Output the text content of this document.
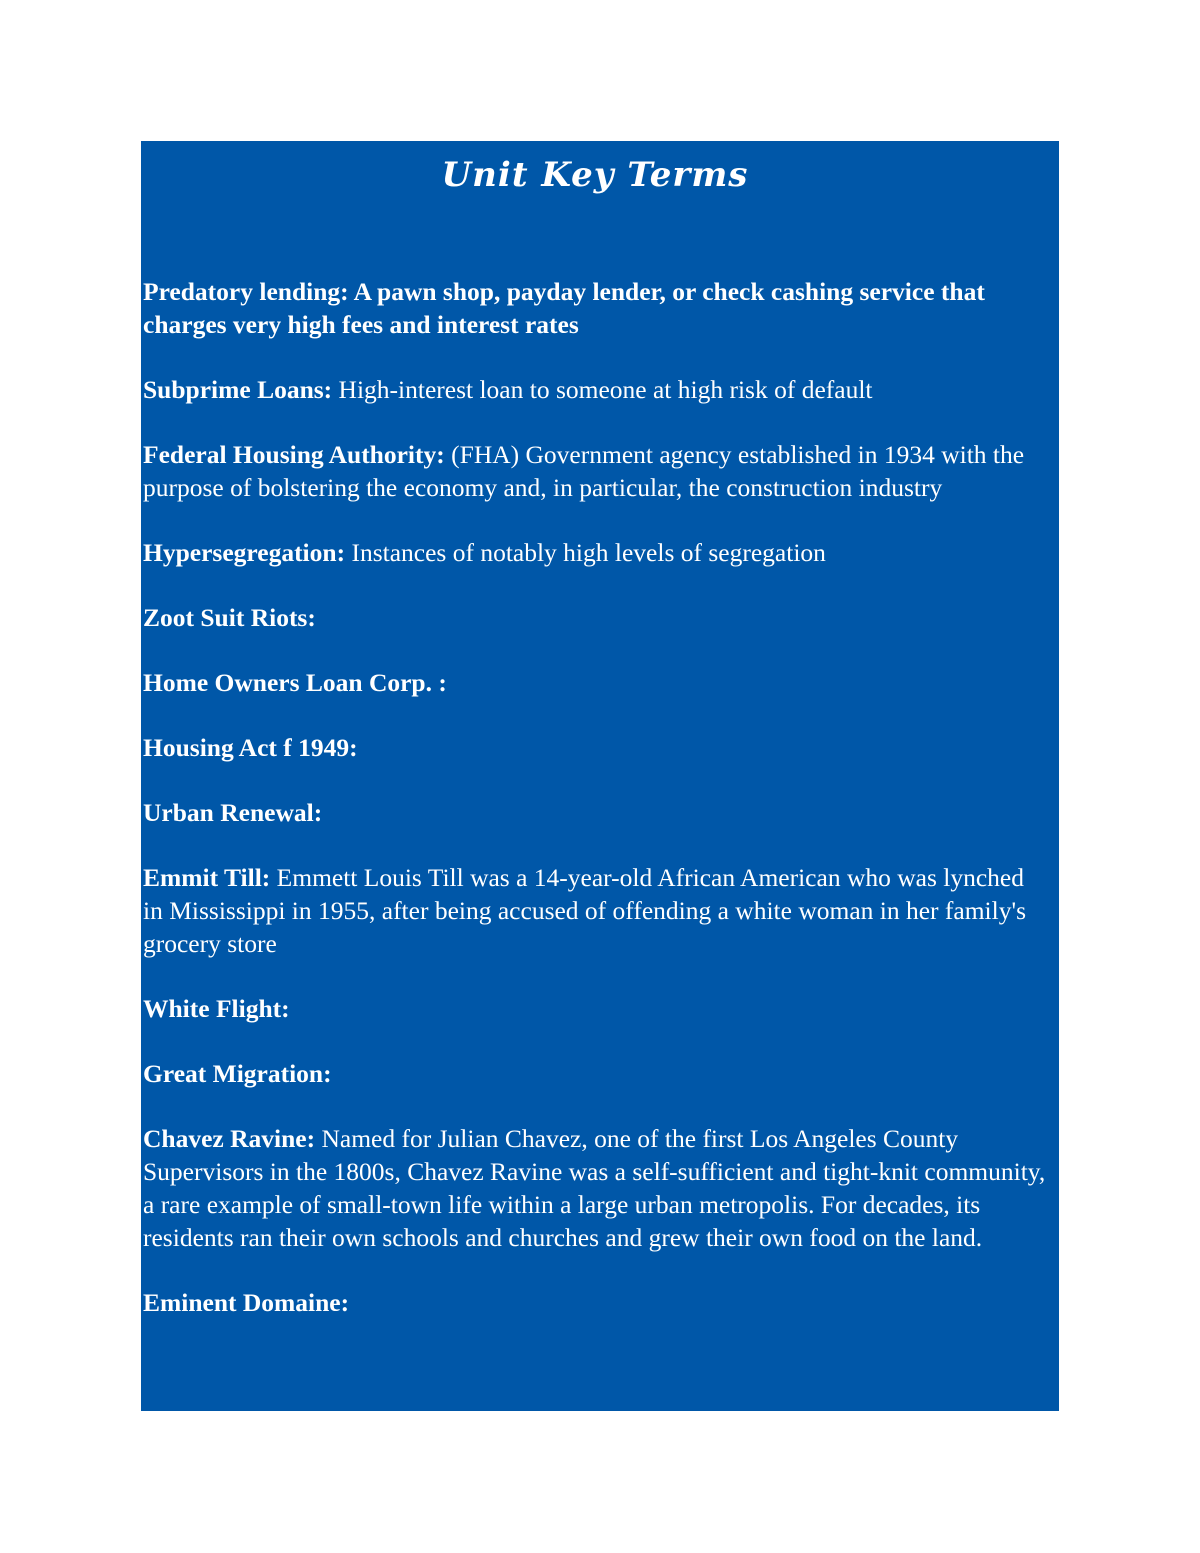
Unit Key Terms

Predatory lending: A pawn shop, payday lender, or check cashing service that charges very high fees and interest rates

Subprime Loans: High-interest loan to someone at high risk of default

Federal Housing Authority: (FHA) Government agency established in 1934 with the purpose of bolstering the economy and, in particular, the construction industry

Hypersegregation: Instances of notably high levels of segregation

Zoot Suit Riots:

Home Owners Loan Corp. :

Housing Act f 1949:

Urban Renewal:

Emmit Till: Emmett Louis Till was a 14-year-old African American who was lynched in Mississippi in 1955, after being accused of offending a white woman in her family's grocery store

White Flight:

Great Migration:

Chavez Ravine: Named for Julian Chavez, one of the first Los Angeles County Supervisors in the 1800s, Chavez Ravine was a self-sufficient and tight-knit community, a rare example of small-town life within a large urban metropolis. For decades, its residents ran their own schools and churches and grew their own food on the land.

Eminent Domaine:
